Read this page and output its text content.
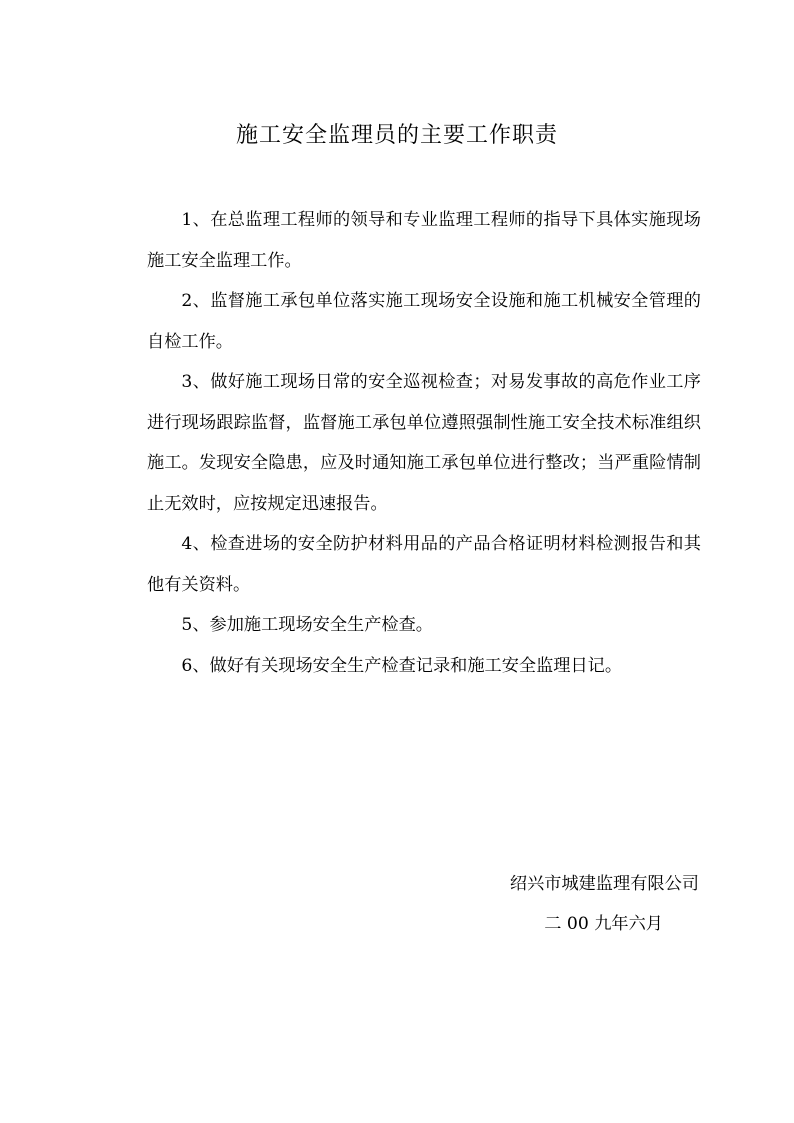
施工安全监理员的主要工作职责

1、在总监理工程师的领导和专业监理工程师的指导下具体实施现场施工安全监理工作。

2、监督施工承包单位落实施工现场安全设施和施工机械安全管理的自检工作。

3、做好施工现场日常的安全巡视检查；对易发事故的高危作业工序进行现场跟踪监督，监督施工承包单位遵照强制性施工安全技术标准组织施工。发现安全隐患，应及时通知施工承包单位进行整改；当严重险情制止无效时，应按规定迅速报告。

4、检查进场的安全防护材料用品的产品合格证明材料检测报告和其他有关资料。

5、参加施工现场安全生产检查。

6、做好有关现场安全生产检查记录和施工安全监理日记。

绍兴市城建监理有限公司
二 00 九年六月
